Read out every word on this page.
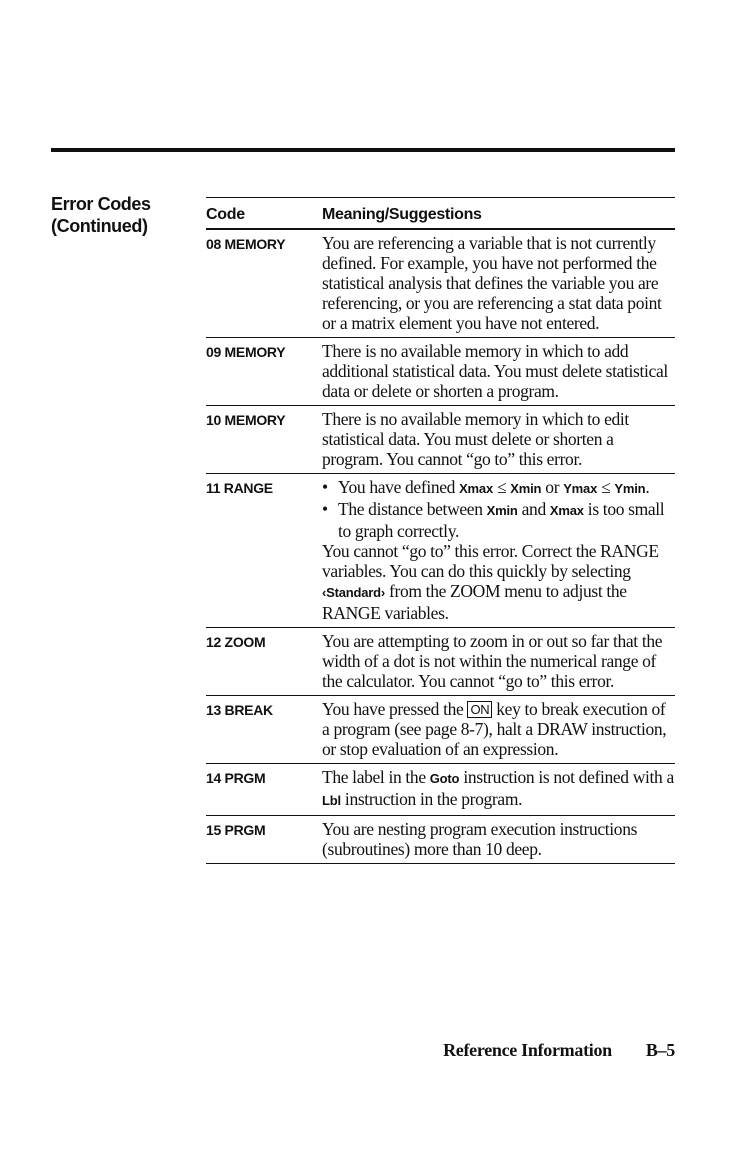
Error Codes
(Continued)
Code	Meaning/Suggestions
08 MEMORY	You are referencing a variable that is not currently defined. For example, you have not performed the statistical analysis that defines the variable you are referencing, or you are referencing a stat data point or a matrix element you have not entered.
09 MEMORY	There is no available memory in which to add additional statistical data. You must delete statistical data or delete or shorten a program.
10 MEMORY	There is no available memory in which to edit statistical data. You must delete or shorten a program. You cannot “go to” this error.
11 RANGE	• You have defined Xmax ≤ Xmin or Ymax ≤ Ymin.
• The distance between Xmin and Xmax is too small to graph correctly.
You cannot “go to” this error. Correct the RANGE variables. You can do this quickly by selecting ‹Standard› from the ZOOM menu to adjust the RANGE variables.
12 ZOOM	You are attempting to zoom in or out so far that the width of a dot is not within the numerical range of the calculator. You cannot “go to” this error.
13 BREAK	You have pressed the ON key to break execution of a program (see page 8-7), halt a DRAW instruction, or stop evaluation of an expression.
14 PRGM	The label in the Goto instruction is not defined with a Lbl instruction in the program.
15 PRGM	You are nesting program execution instructions (subroutines) more than 10 deep.
Reference Information B–5
